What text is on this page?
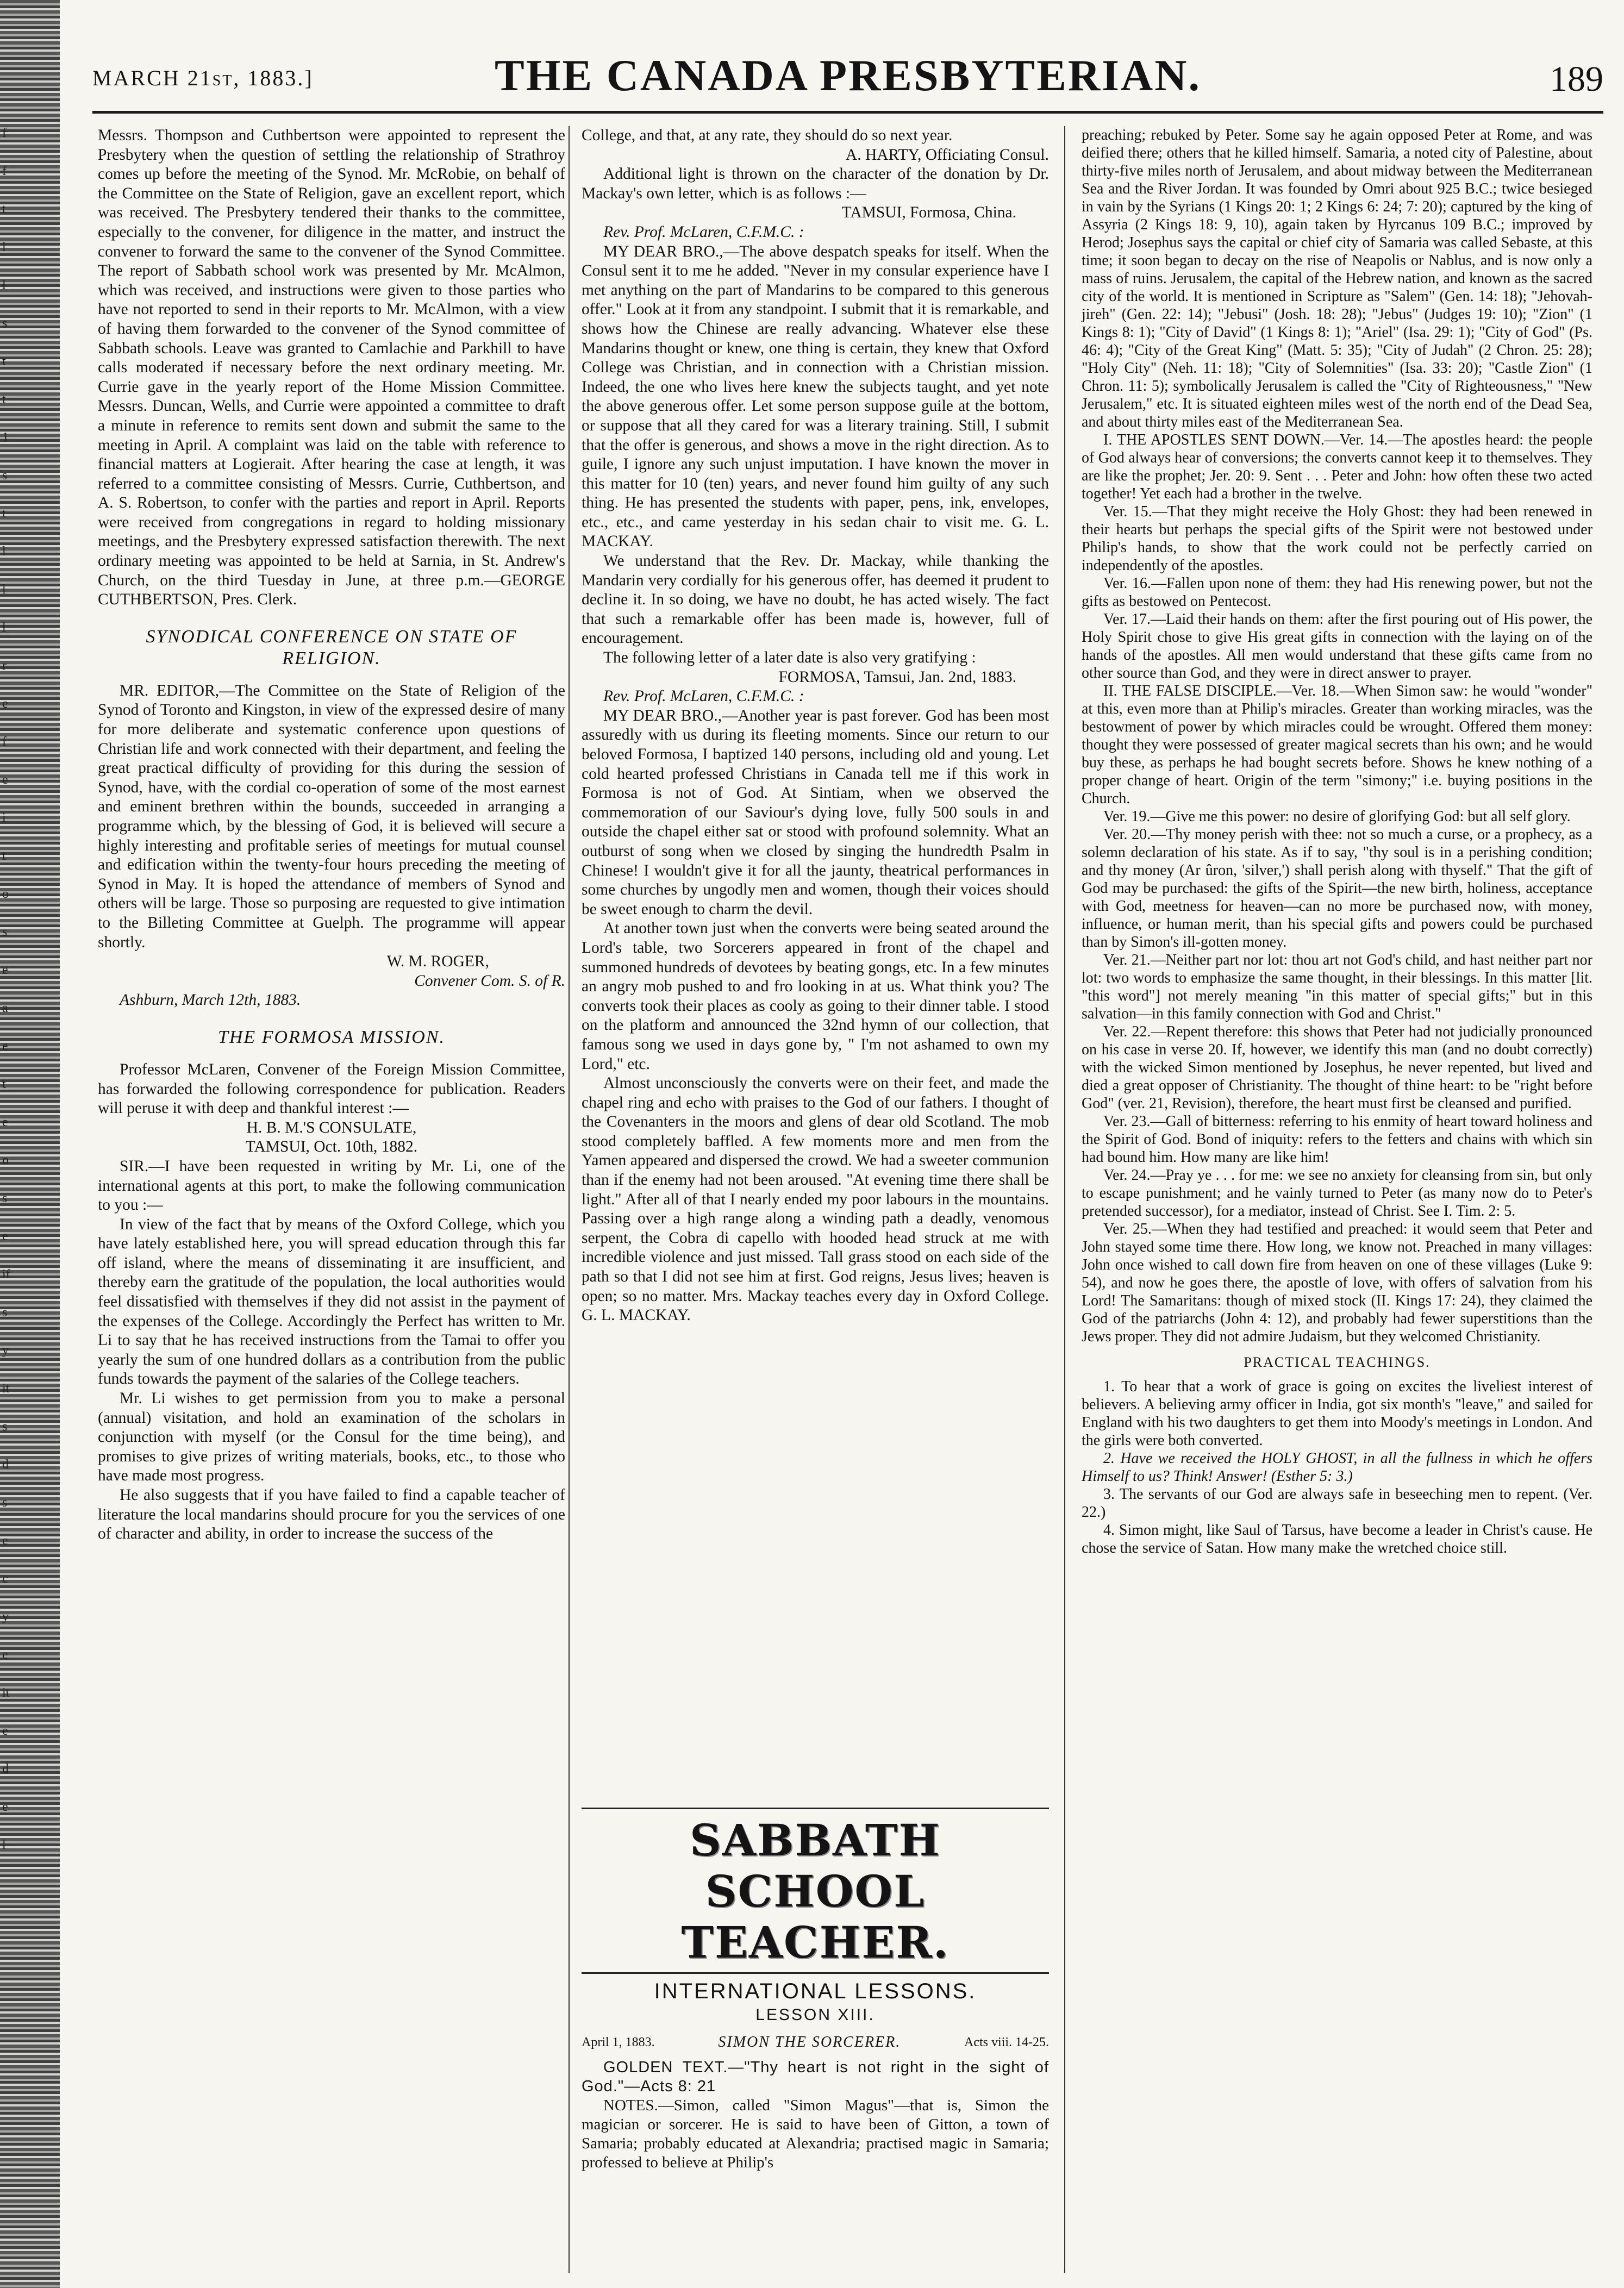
f
f
t
l
l
s
t
t
1
s
t
l
l
l
r
e
f
e
i
t
o
s
e
a
e
t
e
o
s
e
if
s
y
it
s
d
s
e
c
y
e
it
e
d
e
l
MARCH 21st, 1883.]	THE CANADA PRESBYTERIAN.	189

Messrs. Thompson and Cuthbertson were appointed to represent the Presbytery when the question of settling the relationship of Strathroy comes up before the meeting of the Synod. Mr. McRobie, on behalf of the Committee on the State of Religion, gave an excellent report, which was received. The Presbytery tendered their thanks to the committee, especially to the convener, for diligence in the matter, and instruct the convener to forward the same to the convener of the Synod Committee. The report of Sabbath school work was presented by Mr. McAlmon, which was received, and instructions were given to those parties who have not reported to send in their reports to Mr. McAlmon, with a view of having them forwarded to the convener of the Synod committee of Sabbath schools. Leave was granted to Camlachie and Parkhill to have calls moderated if necessary before the next ordinary meeting. Mr. Currie gave in the yearly report of the Home Mission Committee. Messrs. Duncan, Wells, and Currie were appointed a committee to draft a minute in reference to remits sent down and submit the same to the meeting in April. A complaint was laid on the table with reference to financial matters at Logierait. After hearing the case at length, it was referred to a committee consisting of Messrs. Currie, Cuthbertson, and A. S. Robertson, to confer with the parties and report in April. Reports were received from congregations in regard to holding missionary meetings, and the Presbytery expressed satisfaction therewith. The next ordinary meeting was appointed to be held at Sarnia, in St. Andrew's Church, on the third Tuesday in June, at three p.m.—GEORGE CUTHBERTSON, Pres. Clerk.

SYNODICAL CONFERENCE ON STATE OF RELIGION.

MR. EDITOR,—The Committee on the State of Religion of the Synod of Toronto and Kingston, in view of the expressed desire of many for more deliberate and systematic conference upon questions of Christian life and work connected with their department, and feeling the great practical difficulty of providing for this during the session of Synod, have, with the cordial co-operation of some of the most earnest and eminent brethren within the bounds, succeeded in arranging a programme which, by the blessing of God, it is believed will secure a highly interesting and profitable series of meetings for mutual counsel and edification within the twenty-four hours preceding the meeting of Synod in May. It is hoped the attendance of members of Synod and others will be large. Those so purposing are requested to give intimation to the Billeting Committee at Guelph. The programme will appear shortly.

W. M. ROGER,

Convener Com. S. of R.

Ashburn, March 12th, 1883.

THE FORMOSA MISSION.

Professor McLaren, Convener of the Foreign Mission Committee, has forwarded the following correspondence for publication. Readers will peruse it with deep and thankful interest :—

H. B. M.'S CONSULATE,

TAMSUI, Oct. 10th, 1882.

SIR.—I have been requested in writing by Mr. Li, one of the international agents at this port, to make the following communication to you :—

In view of the fact that by means of the Oxford College, which you have lately established here, you will spread education through this far off island, where the means of disseminating it are insufficient, and thereby earn the gratitude of the population, the local authorities would feel dissatisfied with themselves if they did not assist in the payment of the expenses of the College. Accordingly the Perfect has written to Mr. Li to say that he has received instructions from the Tamai to offer you yearly the sum of one hundred dollars as a contribution from the public funds towards the payment of the salaries of the College teachers.

Mr. Li wishes to get permission from you to make a personal (annual) visitation, and hold an examination of the scholars in conjunction with myself (or the Consul for the time being), and promises to give prizes of writing materials, books, etc., to those who have made most progress.

He also suggests that if you have failed to find a capable teacher of literature the local mandarins should procure for you the services of one of character and ability, in order to increase the success of the

College, and that, at any rate, they should do so next year.

A. HARTY, Officiating Consul.

Additional light is thrown on the character of the donation by Dr. Mackay's own letter, which is as follows :—

TAMSUI, Formosa, China.

Rev. Prof. McLaren, C.F.M.C. :

MY DEAR BRO.,—The above despatch speaks for itself. When the Consul sent it to me he added. "Never in my consular experience have I met anything on the part of Mandarins to be compared to this generous offer." Look at it from any standpoint. I submit that it is remarkable, and shows how the Chinese are really advancing. Whatever else these Mandarins thought or knew, one thing is certain, they knew that Oxford College was Christian, and in connection with a Christian mission. Indeed, the one who lives here knew the subjects taught, and yet note the above generous offer. Let some person suppose guile at the bottom, or suppose that all they cared for was a literary training. Still, I submit that the offer is generous, and shows a move in the right direction. As to guile, I ignore any such unjust imputation. I have known the mover in this matter for 10 (ten) years, and never found him guilty of any such thing. He has presented the students with paper, pens, ink, envelopes, etc., etc., and came yesterday in his sedan chair to visit me. G. L. MACKAY.

We understand that the Rev. Dr. Mackay, while thanking the Mandarin very cordially for his generous offer, has deemed it prudent to decline it. In so doing, we have no doubt, he has acted wisely. The fact that such a remarkable offer has been made is, however, full of encouragement.

The following letter of a later date is also very gratifying :

FORMOSA, Tamsui, Jan. 2nd, 1883.

Rev. Prof. McLaren, C.F.M.C. :

MY DEAR BRO.,—Another year is past forever. God has been most assuredly with us during its fleeting moments. Since our return to our beloved Formosa, I baptized 140 persons, including old and young. Let cold hearted professed Christians in Canada tell me if this work in Formosa is not of God. At Sintiam, when we observed the commemoration of our Saviour's dying love, fully 500 souls in and outside the chapel either sat or stood with profound solemnity. What an outburst of song when we closed by singing the hundredth Psalm in Chinese! I wouldn't give it for all the jaunty, theatrical performances in some churches by ungodly men and women, though their voices should be sweet enough to charm the devil.

At another town just when the converts were being seated around the Lord's table, two Sorcerers appeared in front of the chapel and summoned hundreds of devotees by beating gongs, etc. In a few minutes an angry mob pushed to and fro looking in at us. What think you? The converts took their places as cooly as going to their dinner table. I stood on the platform and announced the 32nd hymn of our collection, that famous song we used in days gone by, " I'm not ashamed to own my Lord," etc.

Almost unconsciously the converts were on their feet, and made the chapel ring and echo with praises to the God of our fathers. I thought of the Covenanters in the moors and glens of dear old Scotland. The mob stood completely baffled. A few moments more and men from the Yamen appeared and dispersed the crowd. We had a sweeter communion than if the enemy had not been aroused. "At evening time there shall be light." After all of that I nearly ended my poor labours in the mountains. Passing over a high range along a winding path a deadly, venomous serpent, the Cobra di capello with hooded head struck at me with incredible violence and just missed. Tall grass stood on each side of the path so that I did not see him at first. God reigns, Jesus lives; heaven is open; so no matter. Mrs. Mackay teaches every day in Oxford College. G. L. MACKAY.

SABBATH SCHOOL TEACHER.
INTERNATIONAL LESSONS.
LESSON XIII.
April 1, 1883.	SIMON THE SORCERER.	Acts viii. 14-25.

GOLDEN TEXT.—"Thy heart is not right in the sight of God."—Acts 8: 21

NOTES.—Simon, called "Simon Magus"—that is, Simon the magician or sorcerer. He is said to have been of Gitton, a town of Samaria; probably educated at Alexandria; practised magic in Samaria; professed to believe at Philip's

preaching; rebuked by Peter. Some say he again opposed Peter at Rome, and was deified there; others that he killed himself. Samaria, a noted city of Palestine, about thirty-five miles north of Jerusalem, and about midway between the Mediterranean Sea and the River Jordan. It was founded by Omri about 925 B.C.; twice besieged in vain by the Syrians (1 Kings 20: 1; 2 Kings 6: 24; 7: 20); captured by the king of Assyria (2 Kings 18: 9, 10), again taken by Hyrcanus 109 B.C.; improved by Herod; Josephus says the capital or chief city of Samaria was called Sebaste, at this time; it soon began to decay on the rise of Neapolis or Nablus, and is now only a mass of ruins. Jerusalem, the capital of the Hebrew nation, and known as the sacred city of the world. It is mentioned in Scripture as "Salem" (Gen. 14: 18); "Jehovah-jireh" (Gen. 22: 14); "Jebusi" (Josh. 18: 28); "Jebus" (Judges 19: 10); "Zion" (1 Kings 8: 1); "City of David" (1 Kings 8: 1); "Ariel" (Isa. 29: 1); "City of God" (Ps. 46: 4); "City of the Great King" (Matt. 5: 35); "City of Judah" (2 Chron. 25: 28); "Holy City" (Neh. 11: 18); "City of Solemnities" (Isa. 33: 20); "Castle Zion" (1 Chron. 11: 5); symbolically Jerusalem is called the "City of Righteousness," "New Jerusalem," etc. It is situated eighteen miles west of the north end of the Dead Sea, and about thirty miles east of the Mediterranean Sea.

I. THE APOSTLES SENT DOWN.—Ver. 14.—The apostles heard: the people of God always hear of conversions; the converts cannot keep it to themselves. They are like the prophet; Jer. 20: 9. Sent . . . Peter and John: how often these two acted together! Yet each had a brother in the twelve.

Ver. 15.—That they might receive the Holy Ghost: they had been renewed in their hearts but perhaps the special gifts of the Spirit were not bestowed under Philip's hands, to show that the work could not be perfectly carried on independently of the apostles.

Ver. 16.—Fallen upon none of them: they had His renewing power, but not the gifts as bestowed on Pentecost.

Ver. 17.—Laid their hands on them: after the first pouring out of His power, the Holy Spirit chose to give His great gifts in connection with the laying on of the hands of the apostles. All men would understand that these gifts came from no other source than God, and they were in direct answer to prayer.

II. THE FALSE DISCIPLE.—Ver. 18.—When Simon saw: he would "wonder" at this, even more than at Philip's miracles. Greater than working miracles, was the bestowment of power by which miracles could be wrought. Offered them money: thought they were possessed of greater magical secrets than his own; and he would buy these, as perhaps he had bought secrets before. Shows he knew nothing of a proper change of heart. Origin of the term "simony;" i.e. buying positions in the Church.

Ver. 19.—Give me this power: no desire of glorifying God: but all self glory.

Ver. 20.—Thy money perish with thee: not so much a curse, or a prophecy, as a solemn declaration of his state. As if to say, "thy soul is in a perishing condition; and thy money (Ar ûron, 'silver,') shall perish along with thyself." That the gift of God may be purchased: the gifts of the Spirit—the new birth, holiness, acceptance with God, meetness for heaven—can no more be purchased now, with money, influence, or human merit, than his special gifts and powers could be purchased than by Simon's ill-gotten money.

Ver. 21.—Neither part nor lot: thou art not God's child, and hast neither part nor lot: two words to emphasize the same thought, in their blessings. In this matter [lit. "this word"] not merely meaning "in this matter of special gifts;" but in this salvation—in this family connection with God and Christ."

Ver. 22.—Repent therefore: this shows that Peter had not judicially pronounced on his case in verse 20. If, however, we identify this man (and no doubt correctly) with the wicked Simon mentioned by Josephus, he never repented, but lived and died a great opposer of Christianity. The thought of thine heart: to be "right before God" (ver. 21, Revision), therefore, the heart must first be cleansed and purified.

Ver. 23.—Gall of bitterness: referring to his enmity of heart toward holiness and the Spirit of God. Bond of iniquity: refers to the fetters and chains with which sin had bound him. How many are like him!

Ver. 24.—Pray ye . . . for me: we see no anxiety for cleansing from sin, but only to escape punishment; and he vainly turned to Peter (as many now do to Peter's pretended successor), for a mediator, instead of Christ. See I. Tim. 2: 5.

Ver. 25.—When they had testified and preached: it would seem that Peter and John stayed some time there. How long, we know not. Preached in many villages: John once wished to call down fire from heaven on one of these villages (Luke 9: 54), and now he goes there, the apostle of love, with offers of salvation from his Lord! The Samaritans: though of mixed stock (II. Kings 17: 24), they claimed the God of the patriarchs (John 4: 12), and probably had fewer superstitions than the Jews proper. They did not admire Judaism, but they welcomed Christianity.

PRACTICAL TEACHINGS.

1. To hear that a work of grace is going on excites the liveliest interest of believers. A believing army officer in India, got six month's "leave," and sailed for England with his two daughters to get them into Moody's meetings in London. And the girls were both converted.

2. Have we received the HOLY GHOST, in all the fullness in which he offers Himself to us? Think! Answer! (Esther 5: 3.)

3. The servants of our God are always safe in beseeching men to repent. (Ver. 22.)

4. Simon might, like Saul of Tarsus, have become a leader in Christ's cause. He chose the service of Satan. How many make the wretched choice still.
